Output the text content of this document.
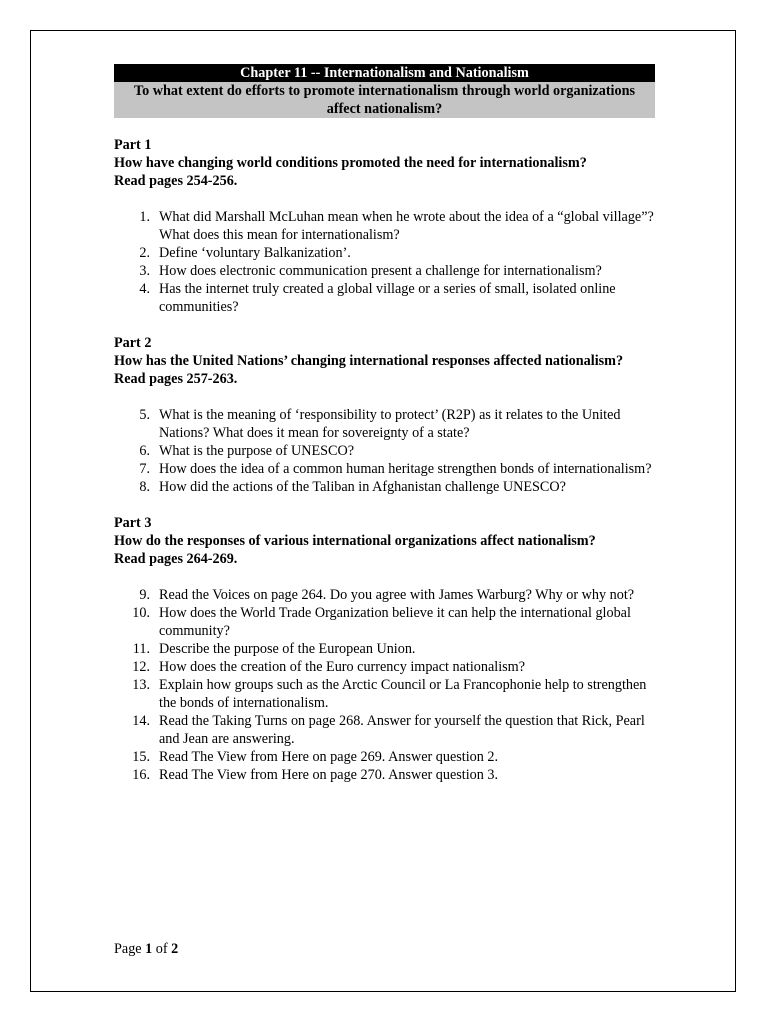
Chapter 11 -- Internationalism and Nationalism
To what extent do efforts to promote internationalism through world organizations affect nationalism?

Part 1

How have changing world conditions promoted the need for internationalism?

Read pages 254-256.

1. What did Marshall McLuhan mean when he wrote about the idea of a “global village”? What does this mean for internationalism?
2. Define ‘voluntary Balkanization’.
3. How does electronic communication present a challenge for internationalism?
4. Has the internet truly created a global village or a series of small, isolated online communities?

Part 2

How has the United Nations’ changing international responses affected nationalism?

Read pages 257-263.

5. What is the meaning of ‘responsibility to protect’ (R2P) as it relates to the United Nations? What does it mean for sovereignty of a state?
6. What is the purpose of UNESCO?
7. How does the idea of a common human heritage strengthen bonds of internationalism?
8. How did the actions of the Taliban in Afghanistan challenge UNESCO?

Part 3

How do the responses of various international organizations affect nationalism?

Read pages 264-269.

9. Read the Voices on page 264. Do you agree with James Warburg? Why or why not?
10. How does the World Trade Organization believe it can help the international global community?
11. Describe the purpose of the European Union.
12. How does the creation of the Euro currency impact nationalism?
13. Explain how groups such as the Arctic Council or La Francophonie help to strengthen the bonds of internationalism.
14. Read the Taking Turns on page 268. Answer for yourself the question that Rick, Pearl and Jean are answering.
15. Read The View from Here on page 269. Answer question 2.
16. Read The View from Here on page 270. Answer question 3.
Page 1 of 2
